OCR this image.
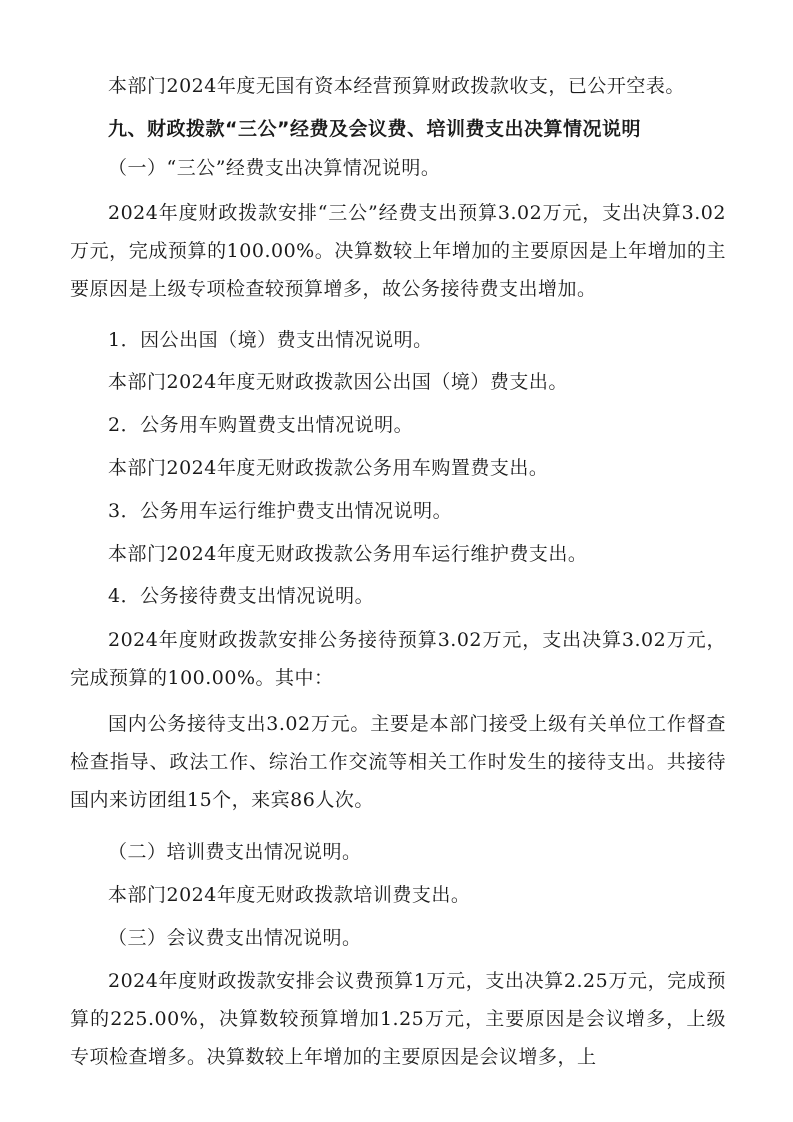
本部门2024年度无国有资本经营预算财政拨款收支，已公开空表。

九、财政拨款“三公”经费及会议费、培训费支出决算情况说明

（一）“三公”经费支出决算情况说明。

2024年度财政拨款安排“三公”经费支出预算3.02万元，支出决算3.02万元，完成预算的100.00%。决算数较上年增加的主要原因是上年增加的主要原因是上级专项检查较预算增多，故公务接待费支出增加。

1．因公出国（境）费支出情况说明。

本部门2024年度无财政拨款因公出国（境）费支出。

2．公务用车购置费支出情况说明。

本部门2024年度无财政拨款公务用车购置费支出。

3．公务用车运行维护费支出情况说明。

本部门2024年度无财政拨款公务用车运行维护费支出。

4．公务接待费支出情况说明。

2024年度财政拨款安排公务接待预算3.02万元，支出决算3.02万元，完成预算的100.00%。其中：

国内公务接待支出3.02万元。主要是本部门接受上级有关单位工作督查检查指导、政法工作、综治工作交流等相关工作时发生的接待支出。共接待国内来访团组15个，来宾86人次。

（二）培训费支出情况说明。

本部门2024年度无财政拨款培训费支出。

（三）会议费支出情况说明。

2024年度财政拨款安排会议费预算1万元，支出决算2.25万元，完成预算的225.00%，决算数较预算增加1.25万元，主要原因是会议增多，上级专项检查增多。决算数较上年增加的主要原因是会议增多，上
